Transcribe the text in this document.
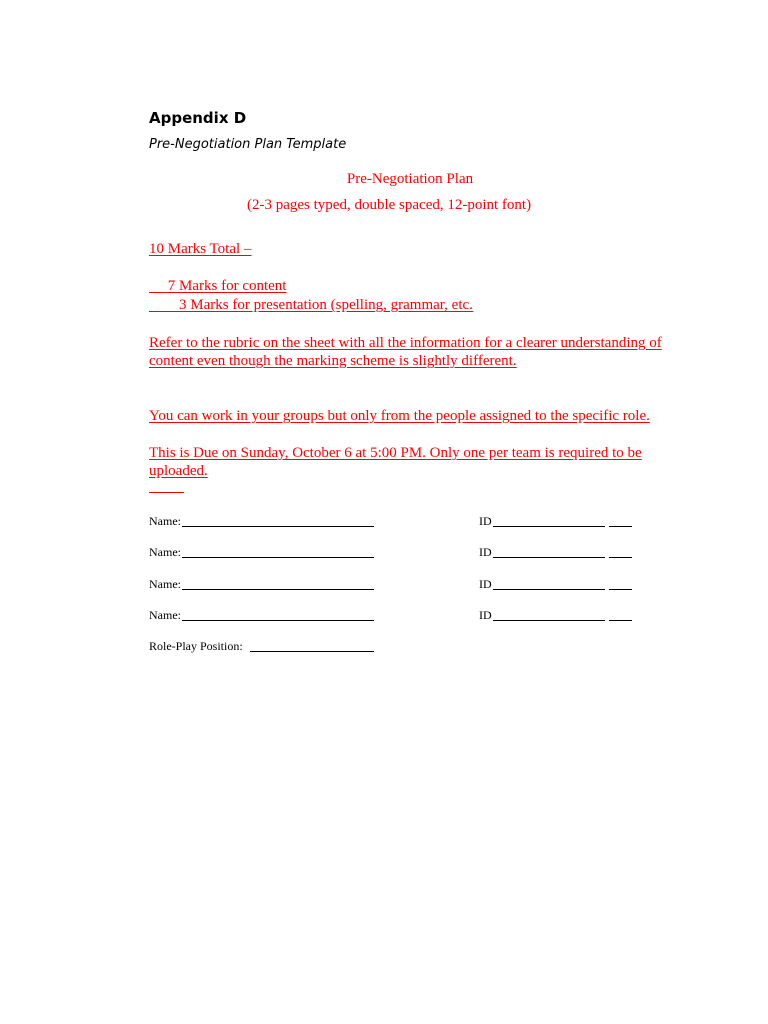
Appendix D
Pre-Negotiation Plan Template
Pre-Negotiation Plan
(2-3 pages typed, double spaced, 12-point font)
10 Marks Total –
7 Marks for content
3 Marks for presentation (spelling, grammar, etc.
Refer to the rubric on the sheet with all the information for a clearer understanding of content even though the marking scheme is slightly different.
You can work in your groups but only from the people assigned to the specific role.
This is Due on Sunday, October 6 at 5:00 PM. Only one per team is required to be uploaded.
Name:	ID
Name:	ID
Name:	ID
Name:	ID
Role-Play Position:
